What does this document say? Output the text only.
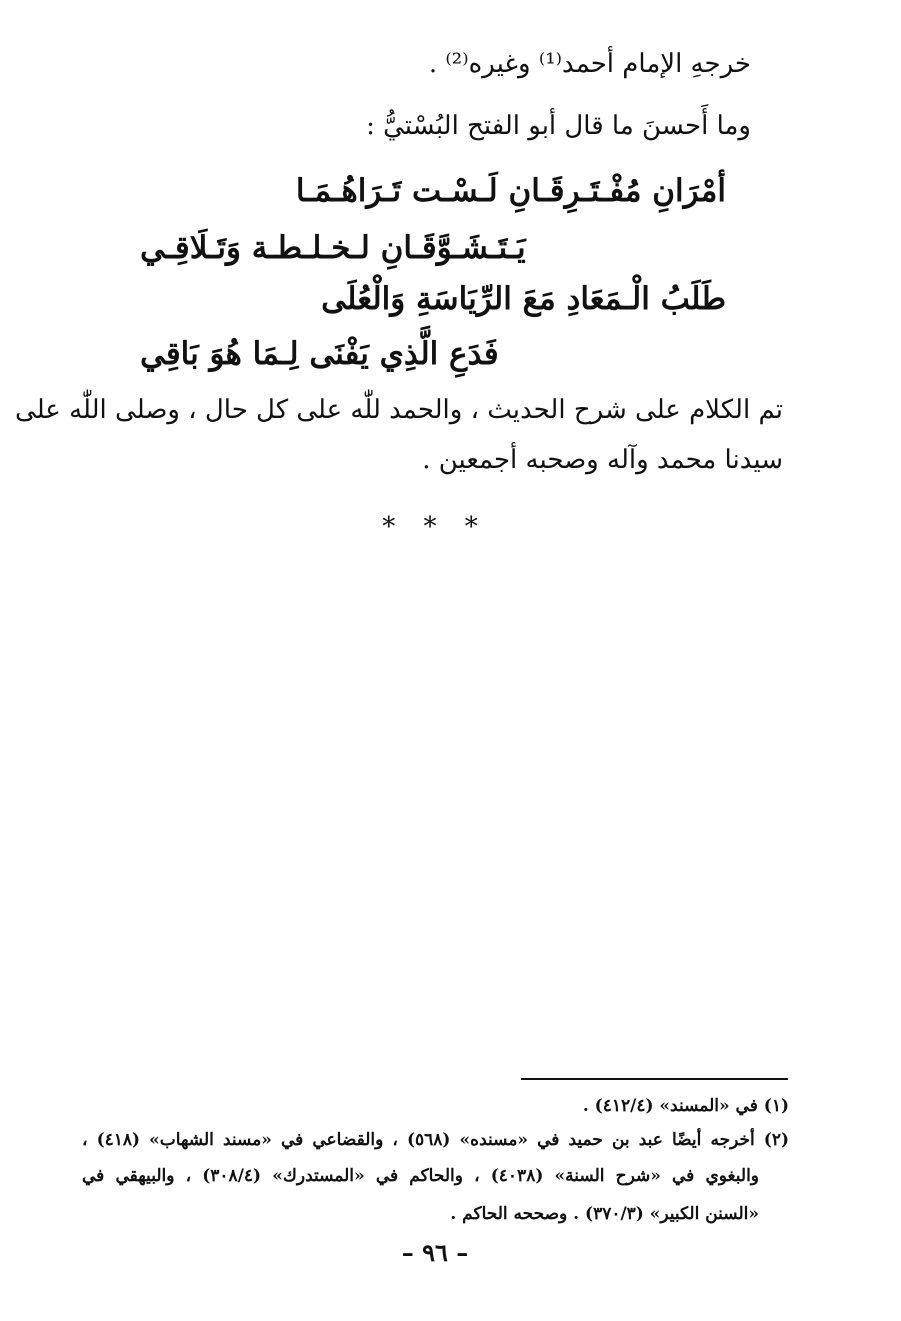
خرجهِ الإمام أحمد⁽¹⁾ وغيره⁽²⁾ .
وما أَحسنَ ما قال أبو الفتح البُسْتيُّ :
أمْرَانِ مُفْـتَـرِقَـانِ لَـسْـت تَـرَاهُـمَـا
يَـتَـشَـوَّقَـانِ لـخـلـطـة وَتَـلَاقِـي
طَلَبُ الْـمَعَادِ مَعَ الرِّيَاسَةِ وَالْعُلَى
فَدَعِ الَّذِي يَفْنَى لِـمَا هُوَ بَاقِي
تم الكلام على شرح الحديث ، والحمد للّٰه على كل حال ، وصلى اللّٰه على
سيدنا محمد وآله وصحبه أجمعين .
* * *
(١) في «المسند» (٤١٢/٤) .
(٢) أخرجه أيضًا عبد بن حميد في «مسنده» (٥٦٨) ، والقضاعي في «مسند الشهاب» (٤١٨) ،
والبغوي في «شرح السنة» (٤٠٣٨) ، والحاكم في «المستدرك» (٣٠٨/٤) ، والبيهقي في
«السنن الكبير» (٣٧٠/٣) . وصححه الحاكم .
– ٩٦ –
